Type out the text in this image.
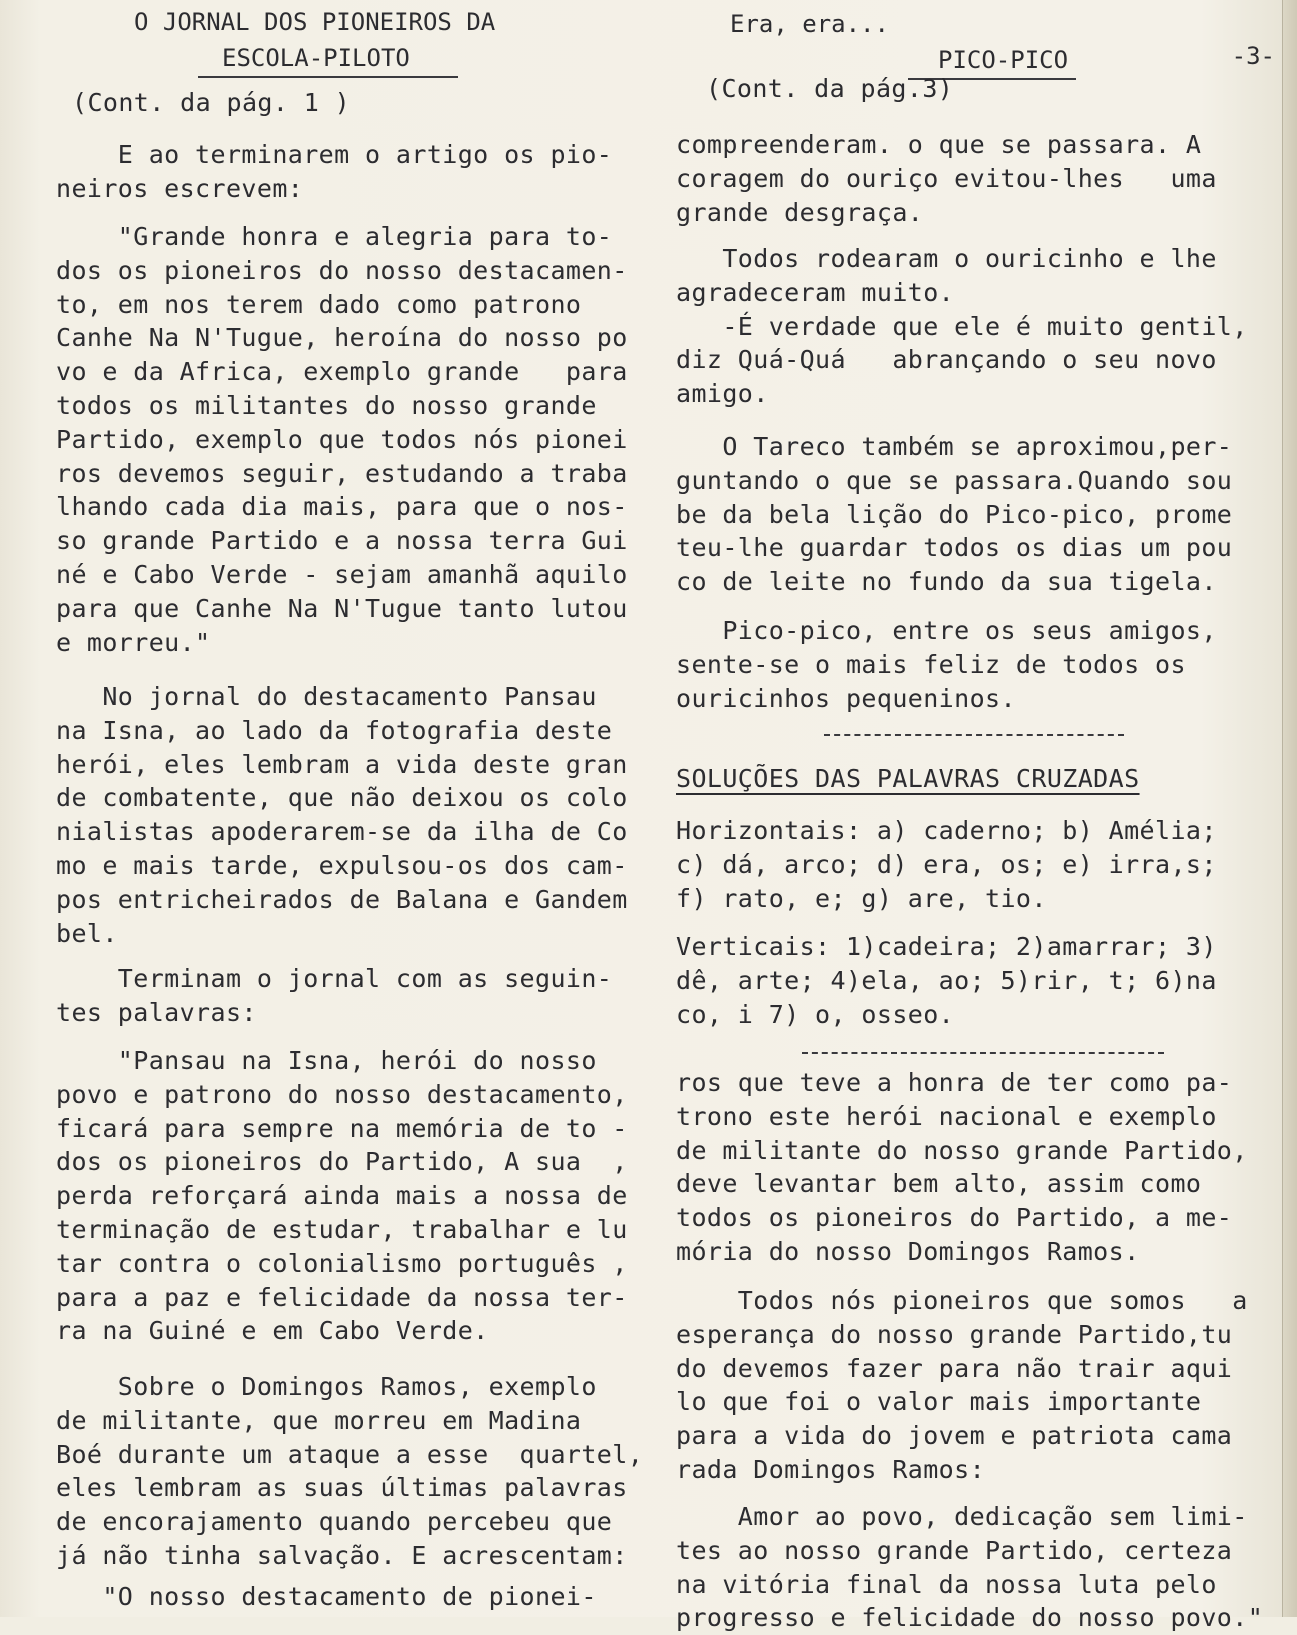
-3-
O JORNAL DOS PIONEIROS DA
ESCOLA-PILOTO
(Cont. da pág. 1 )
E ao terminarem o artigo os pio-
neiros escrevem:
"Grande honra e alegria para to-
dos os pioneiros do nosso destacamen-
to, em nos terem dado como patrono
Canhe Na N'Tugue, heroína do nosso po
vo e da Africa, exemplo grande   para
todos os militantes do nosso grande
Partido, exemplo que todos nós pionei
ros devemos seguir, estudando a traba
lhando cada dia mais, para que o nos-
so grande Partido e a nossa terra Gui
né e Cabo Verde - sejam amanhã aquilo
para que Canhe Na N'Tugue tanto lutou
e morreu."
No jornal do destacamento Pansau
na Isna, ao lado da fotografia deste
herói, eles lembram a vida deste gran
de combatente, que não deixou os colo
nialistas apoderarem-se da ilha de Co
mo e mais tarde, expulsou-os dos cam-
pos entricheirados de Balana e Gandem
bel.
Terminam o jornal com as seguin-
tes palavras:
"Pansau na Isna, herói do nosso
povo e patrono do nosso destacamento,
ficará para sempre na memória de to -
dos os pioneiros do Partido, A sua  ,
perda reforçará ainda mais a nossa de
terminação de estudar, trabalhar e lu
tar contra o colonialismo português ,
para a paz e felicidade da nossa ter-
ra na Guiné e em Cabo Verde.
Sobre o Domingos Ramos, exemplo
de militante, que morreu em Madina
Boé durante um ataque a esse  quartel,
eles lembram as suas últimas palavras
de encorajamento quando percebeu que
já não tinha salvação. E acrescentam:
"O nosso destacamento de pionei-
Era, era...
PICO-PICO
(Cont. da pág.3)
compreenderam. o que se passara. A
coragem do ouriço evitou-lhes   uma
grande desgraça.
Todos rodearam o ouricinho e lhe
agradeceram muito.
-É verdade que ele é muito gentil,
diz Quá-Quá   abrançando o seu novo
amigo.
O Tareco também se aproximou,per-
guntando o que se passara.Quando sou
be da bela lição do Pico-pico, prome
teu-lhe guardar todos os dias um pou
co de leite no fundo da sua tigela.
Pico-pico, entre os seus amigos,
sente-se o mais feliz de todos os
ouricinhos pequeninos.
SOLUÇÕES DAS PALAVRAS CRUZADAS
Horizontais: a) caderno; b) Amélia;
c) dá, arco; d) era, os; e) irra,s;
f) rato, e; g) are, tio.
Verticais: 1)cadeira; 2)amarrar; 3)
dê, arte; 4)ela, ao; 5)rir, t; 6)na
co, i 7) o, osseo.
ros que teve a honra de ter como pa-
trono este herói nacional e exemplo
de militante do nosso grande Partido,
deve levantar bem alto, assim como
todos os pioneiros do Partido, a me-
mória do nosso Domingos Ramos.
Todos nós pioneiros que somos   a
esperança do nosso grande Partido,tu
do devemos fazer para não trair aqui
lo que foi o valor mais importante
para a vida do jovem e patriota cama
rada Domingos Ramos:
Amor ao povo, dedicação sem limi-
tes ao nosso grande Partido, certeza
na vitória final da nossa luta pelo
progresso e felicidade do nosso povo."
